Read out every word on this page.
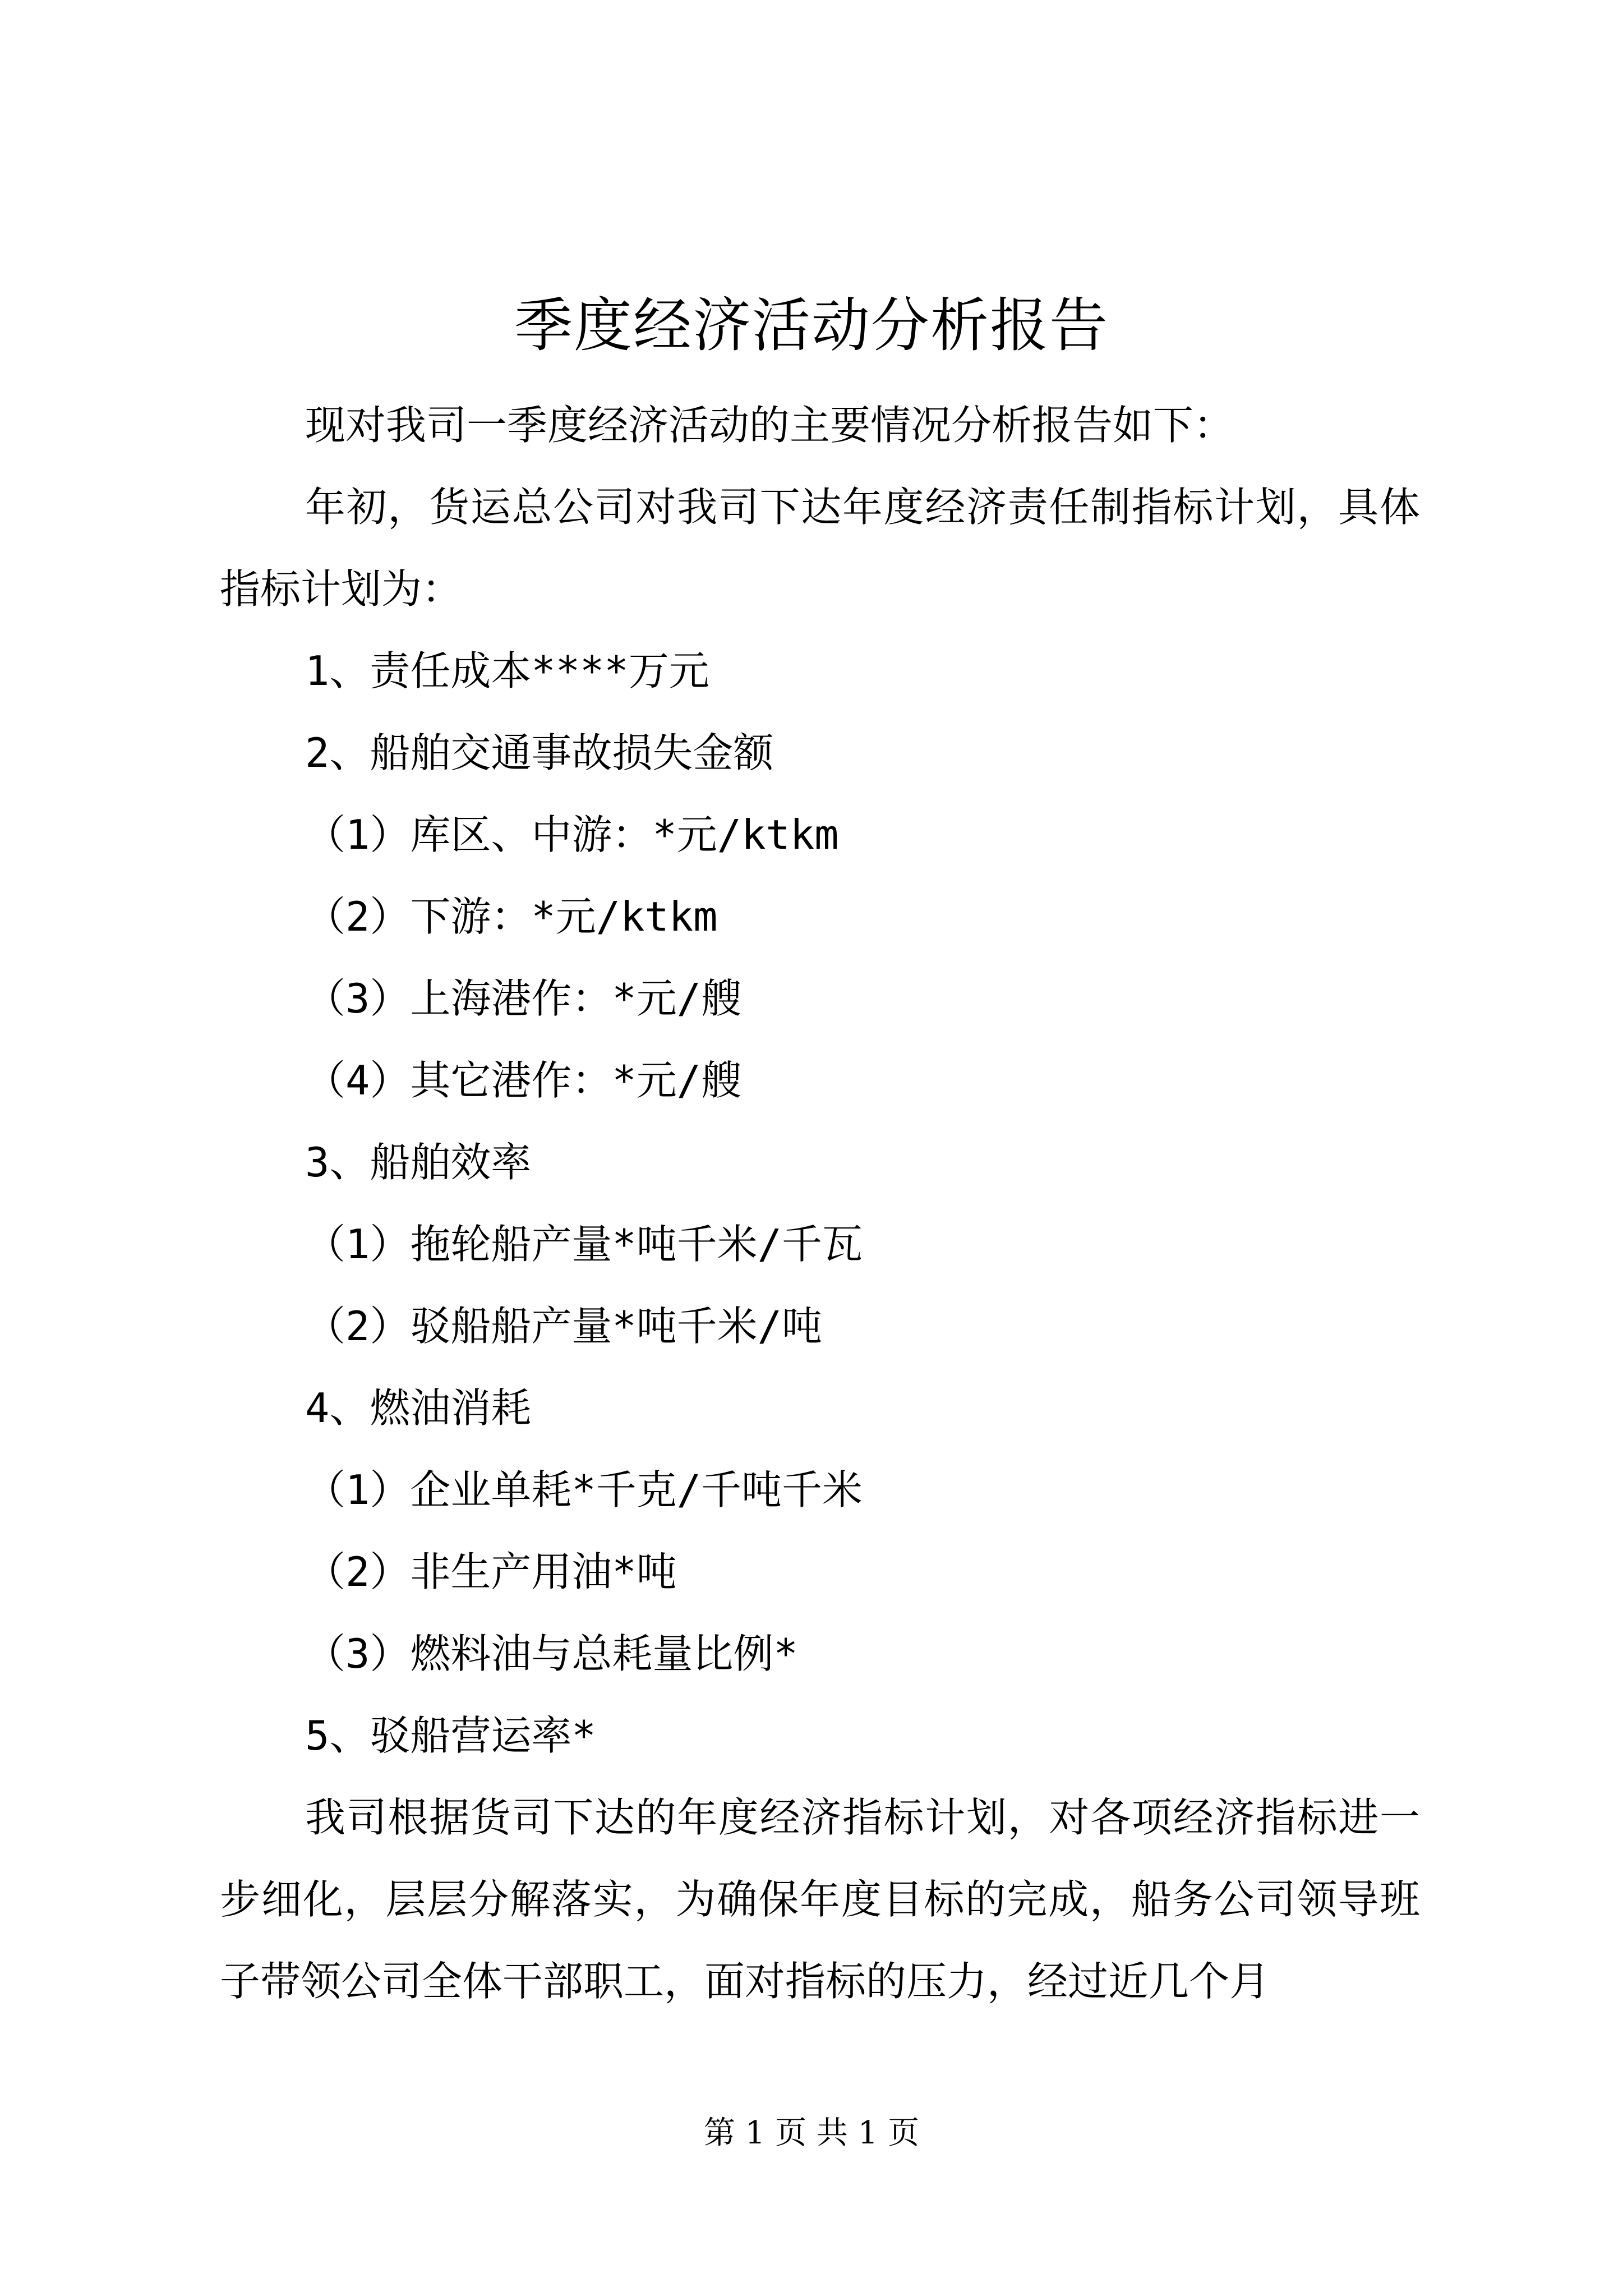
季度经济活动分析报告

现对我司一季度经济活动的主要情况分析报告如下：

年初，货运总公司对我司下达年度经济责任制指标计划，具体指标计划为：

1、责任成本****万元

2、船舶交通事故损失金额

（1）库区、中游：*元/ktkm

（2）下游：*元/ktkm

（3）上海港作：*元/艘

（4）其它港作：*元/艘

3、船舶效率

（1）拖轮船产量*吨千米/千瓦

（2）驳船船产量*吨千米/吨

4、燃油消耗

（1）企业单耗*千克/千吨千米

（2）非生产用油*吨

（3）燃料油与总耗量比例*

5、驳船营运率*

我司根据货司下达的年度经济指标计划，对各项经济指标进一步细化，层层分解落实，为确保年度目标的完成，船务公司领导班子带领公司全体干部职工，面对指标的压力，经过近几个月

第 1 页 共 1 页
